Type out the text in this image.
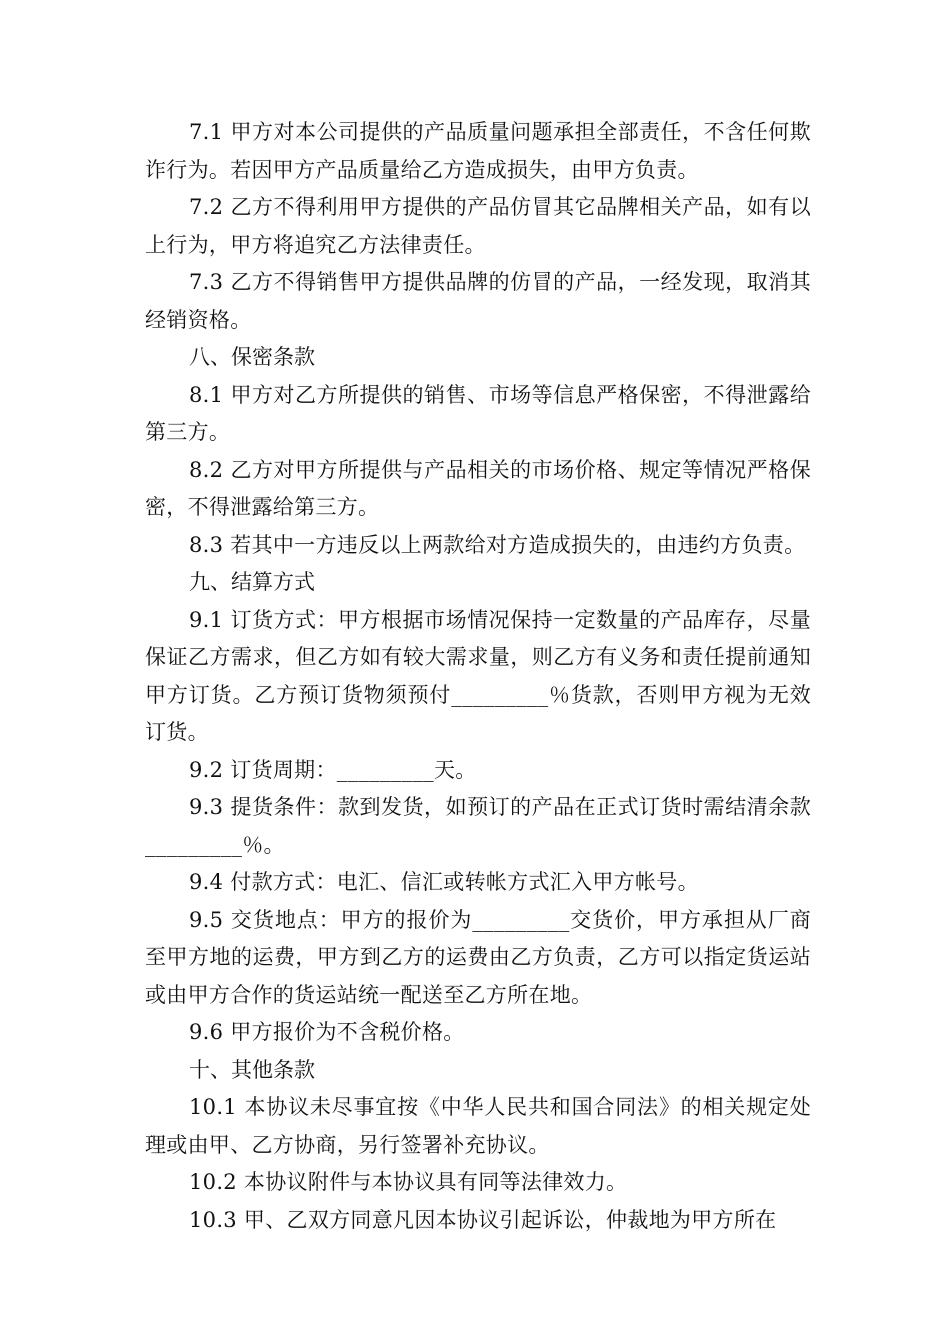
7.1 甲方对本公司提供的产品质量问题承担全部责任，不含任何欺诈行为。若因甲方产品质量给乙方造成损失，由甲方负责。

7.2 乙方不得利用甲方提供的产品仿冒其它品牌相关产品，如有以上行为，甲方将追究乙方法律责任。

7.3 乙方不得销售甲方提供品牌的仿冒的产品，一经发现，取消其经销资格。

八、保密条款

8.1 甲方对乙方所提供的销售、市场等信息严格保密，不得泄露给第三方。

8.2 乙方对甲方所提供与产品相关的市场价格、规定等情况严格保密，不得泄露给第三方。

8.3 若其中一方违反以上两款给对方造成损失的，由违约方负责。

九、结算方式

9.1 订货方式：甲方根据市场情况保持一定数量的产品库存，尽量保证乙方需求，但乙方如有较大需求量，则乙方有义务和责任提前通知甲方订货。乙方预订货物须预付_________％货款，否则甲方视为无效订货。

9.2 订货周期：_________天。

9.3 提货条件：款到发货，如预订的产品在正式订货时需结清余款_________％。

9.4 付款方式：电汇、信汇或转帐方式汇入甲方帐号。

9.5 交货地点：甲方的报价为_________交货价，甲方承担从厂商至甲方地的运费，甲方到乙方的运费由乙方负责，乙方可以指定货运站或由甲方合作的货运站统一配送至乙方所在地。

9.6 甲方报价为不含税价格。

十、其他条款

10.1 本协议未尽事宜按《中华人民共和国合同法》的相关规定处理或由甲、乙方协商，另行签署补充协议。

10.2 本协议附件与本协议具有同等法律效力。

10.3 甲、乙双方同意凡因本协议引起诉讼，仲裁地为甲方所在
